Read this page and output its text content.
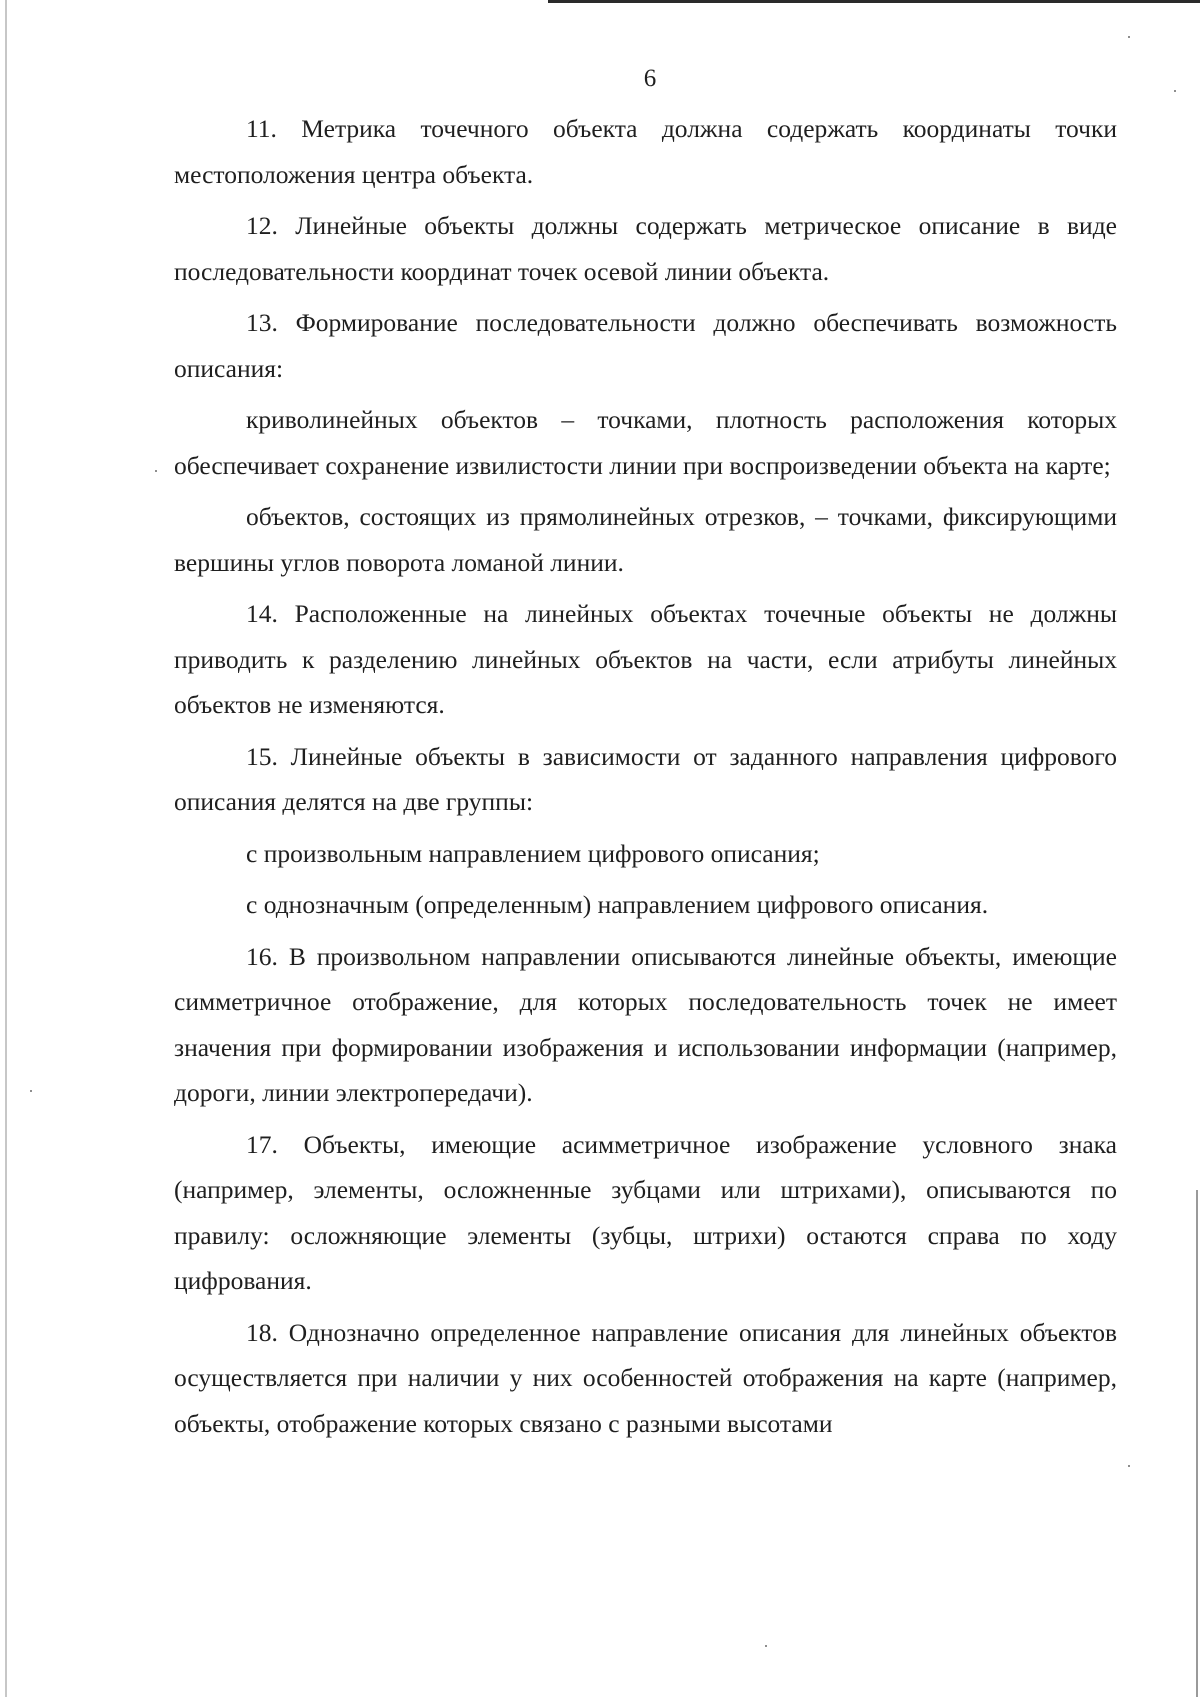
6

11. Метрика точечного объекта должна содержать координаты точки местоположения центра объекта.

12. Линейные объекты должны содержать метрическое описание в виде последовательности координат точек осевой линии объекта.

13. Формирование последовательности должно обеспечивать возможность описания:

криволинейных объектов – точками, плотность расположения которых обеспечивает сохранение извилистости линии при воспроизведении объекта на карте;

объектов, состоящих из прямолинейных отрезков, – точками, фиксирующими вершины углов поворота ломаной линии.

14. Расположенные на линейных объектах точечные объекты не должны приводить к разделению линейных объектов на части, если атрибуты линейных объектов не изменяются.

15. Линейные объекты в зависимости от заданного направления цифрового описания делятся на две группы:

с произвольным направлением цифрового описания;

с однозначным (определенным) направлением цифрового описания.

16. В произвольном направлении описываются линейные объекты, имеющие симметричное отображение, для которых последовательность точек не имеет значения при формировании изображения и использовании информации (например, дороги, линии электропередачи).

17. Объекты, имеющие асимметричное изображение условного знака (например, элементы, осложненные зубцами или штрихами), описываются по правилу: осложняющие элементы (зубцы, штрихи) остаются справа по ходу цифрования.

18. Однозначно определенное направление описания для линейных объектов осуществляется при наличии у них особенностей отображения на карте (например, объекты, отображение которых связано с разными высотами
